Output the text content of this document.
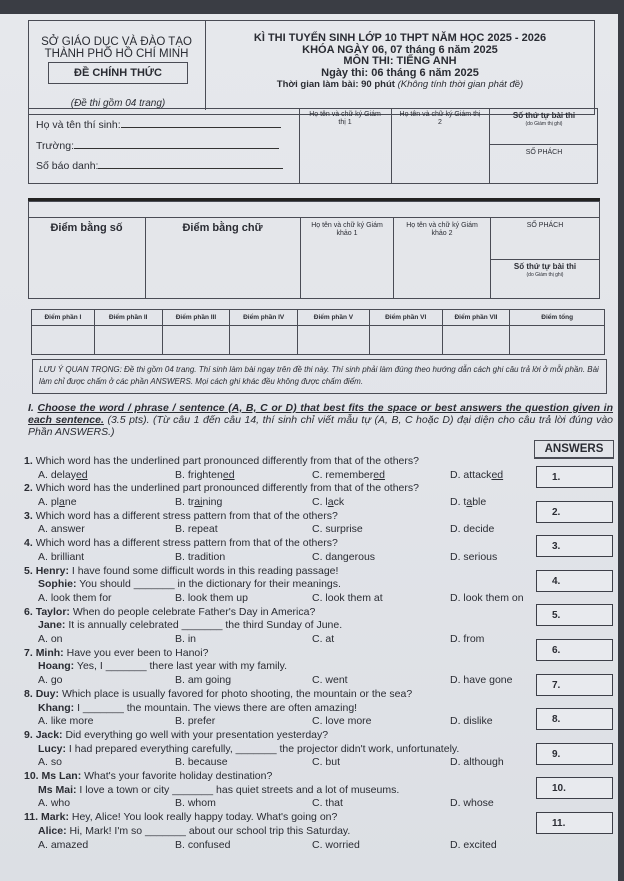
SỞ GIÁO DỤC VÀ ĐÀO TẠO
THÀNH PHỐ HỒ CHÍ MINH
ĐỀ CHÍNH THỨC
(Đề thi gồm 04 trang)
KÌ THI TUYỂN SINH LỚP 10 THPT NĂM HỌC 2025 - 2026
KHÓA NGÀY 06, 07 tháng 6 năm 2025
MÔN THI: TIẾNG ANH
Ngày thi: 06 tháng 6 năm 2025
Thời gian làm bài: 90 phút (Không tính thời gian phát đề)
Họ và tên thí sinh:
Trường:
Số báo danh:
Họ tên và chữ ký Giám thị 1
Họ tên và chữ ký Giám thị 2
Số thứ tự bài thi
(do Giám thị ghi)
SỐ PHÁCH
Điểm bằng số	Điểm bằng chữ	Họ tên và chữ ký Giám khảo 1
Họ tên và chữ ký Giám khảo 2
SỐ PHÁCH
Số thứ tự bài thi
(do Giám thị ghi)
Điểm phần I	Điểm phần II	Điểm phần III	Điểm phần IV	Điểm phần V	Điểm phần VI	Điểm phần VII	Điểm tổng
LƯU Ý QUAN TRỌNG: Đề thi gồm 04 trang. Thí sinh làm bài ngay trên đề thi này. Thí sinh phải làm đúng theo hướng dẫn cách ghi câu trả lời ở mỗi phần. Bài làm chỉ được chấm ở các phần ANSWERS. Mọi cách ghi khác đều không được chấm điểm.
I. Choose the word / phrase / sentence (A, B, C or D) that best fits the space or best answers the question given in each sentence. (3.5 pts). (Từ câu 1 đến câu 14, thí sinh chỉ viết mẫu tự (A, B, C hoặc D) đại diện cho câu trả lời đúng vào Phần ANSWERS.)
ANSWERS
1.
2.
3.
4.
5.
6.
7.
8.
9.
10.
11.
1. Which word has the underlined part pronounced differently from that of the others?
A. delayed	B. frightened	C. remembered	D. attacked
2. Which word has the underlined part pronounced differently from that of the others?
A. plane	B. training	C. lack	D. table
3. Which word has a different stress pattern from that of the others?
A. answer	B. repeat	C. surprise	D. decide
4. Which word has a different stress pattern from that of the others?
A. brilliant	B. tradition	C. dangerous	D. serious
5. Henry: I have found some difficult words in this reading passage!
Sophie: You should _______ in the dictionary for their meanings.
A. look them for	B. look them up	C. look them at	D. look them on
6. Taylor: When do people celebrate Father's Day in America?
Jane: It is annually celebrated _______ the third Sunday of June.
A. on	B. in	C. at	D. from
7. Minh: Have you ever been to Hanoi?
Hoang: Yes, I _______ there last year with my family.
A. go	B. am going	C. went	D. have gone
8. Duy: Which place is usually favored for photo shooting, the mountain or the sea?
Khang: I _______ the mountain. The views there are often amazing!
A. like more	B. prefer	C. love more	D. dislike
9. Jack: Did everything go well with your presentation yesterday?
Lucy: I had prepared everything carefully, _______ the projector didn't work, unfortunately.
A. so	B. because	C. but	D. although
10. Ms Lan: What's your favorite holiday destination?
Ms Mai: I love a town or city _______ has quiet streets and a lot of museums.
A. who	B. whom	C. that	D. whose
11. Mark: Hey, Alice! You look really happy today. What's going on?
Alice: Hi, Mark! I'm so _______ about our school trip this Saturday.
A. amazed	B. confused	C. worried	D. excited
